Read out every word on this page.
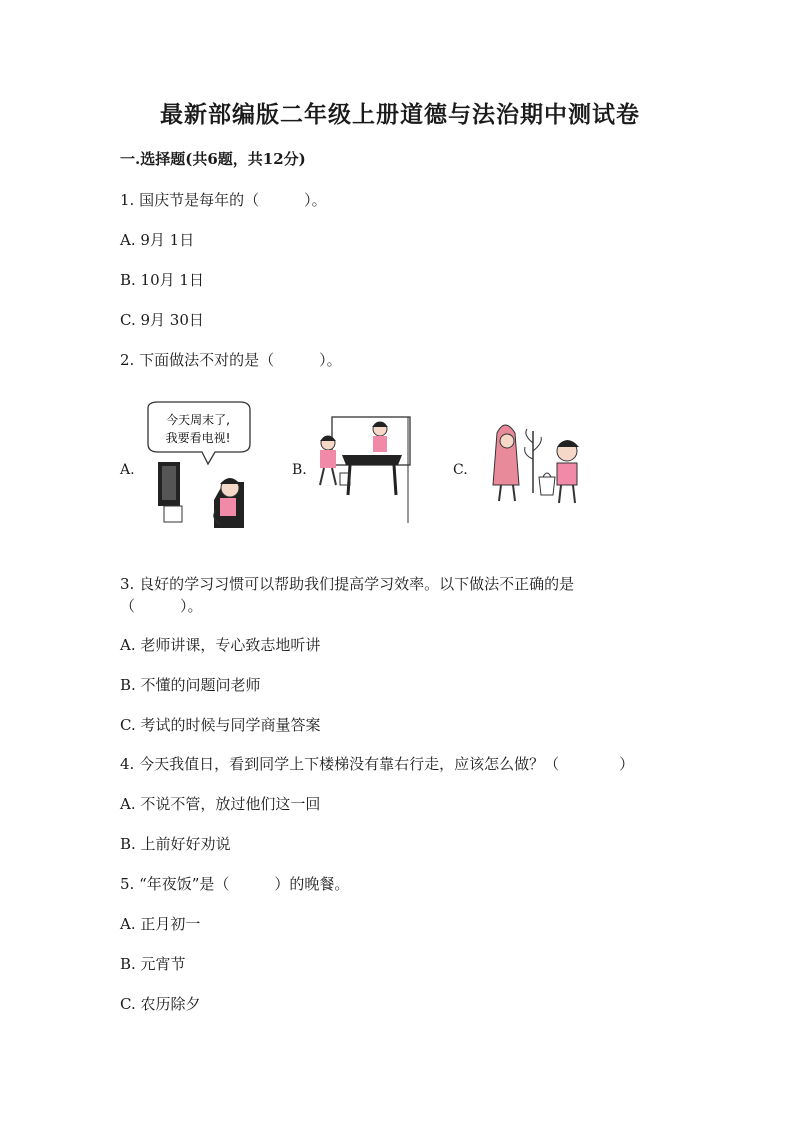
最新部编版二年级上册道德与法治期中测试卷
一.选择题(共6题，共12分)
1. 国庆节是每年的（　　　）。
A. 9月 1日
B. 10月 1日
C. 9月 30日
2. 下面做法不对的是（　　　）。
A.	B.	C.
今天周末了,
我要看电视!
3. 良好的学习习惯可以帮助我们提高学习效率。以下做法不正确的是
（　　　）。
A. 老师讲课，专心致志地听讲
B. 不懂的问题问老师
C. 考试的时候与同学商量答案
4. 今天我值日，看到同学上下楼梯没有靠右行走，应该怎么做？（　　　　）
A. 不说不管，放过他们这一回
B. 上前好好劝说
5. “年夜饭”是（　　　）的晚餐。
A. 正月初一
B. 元宵节
C. 农历除夕
